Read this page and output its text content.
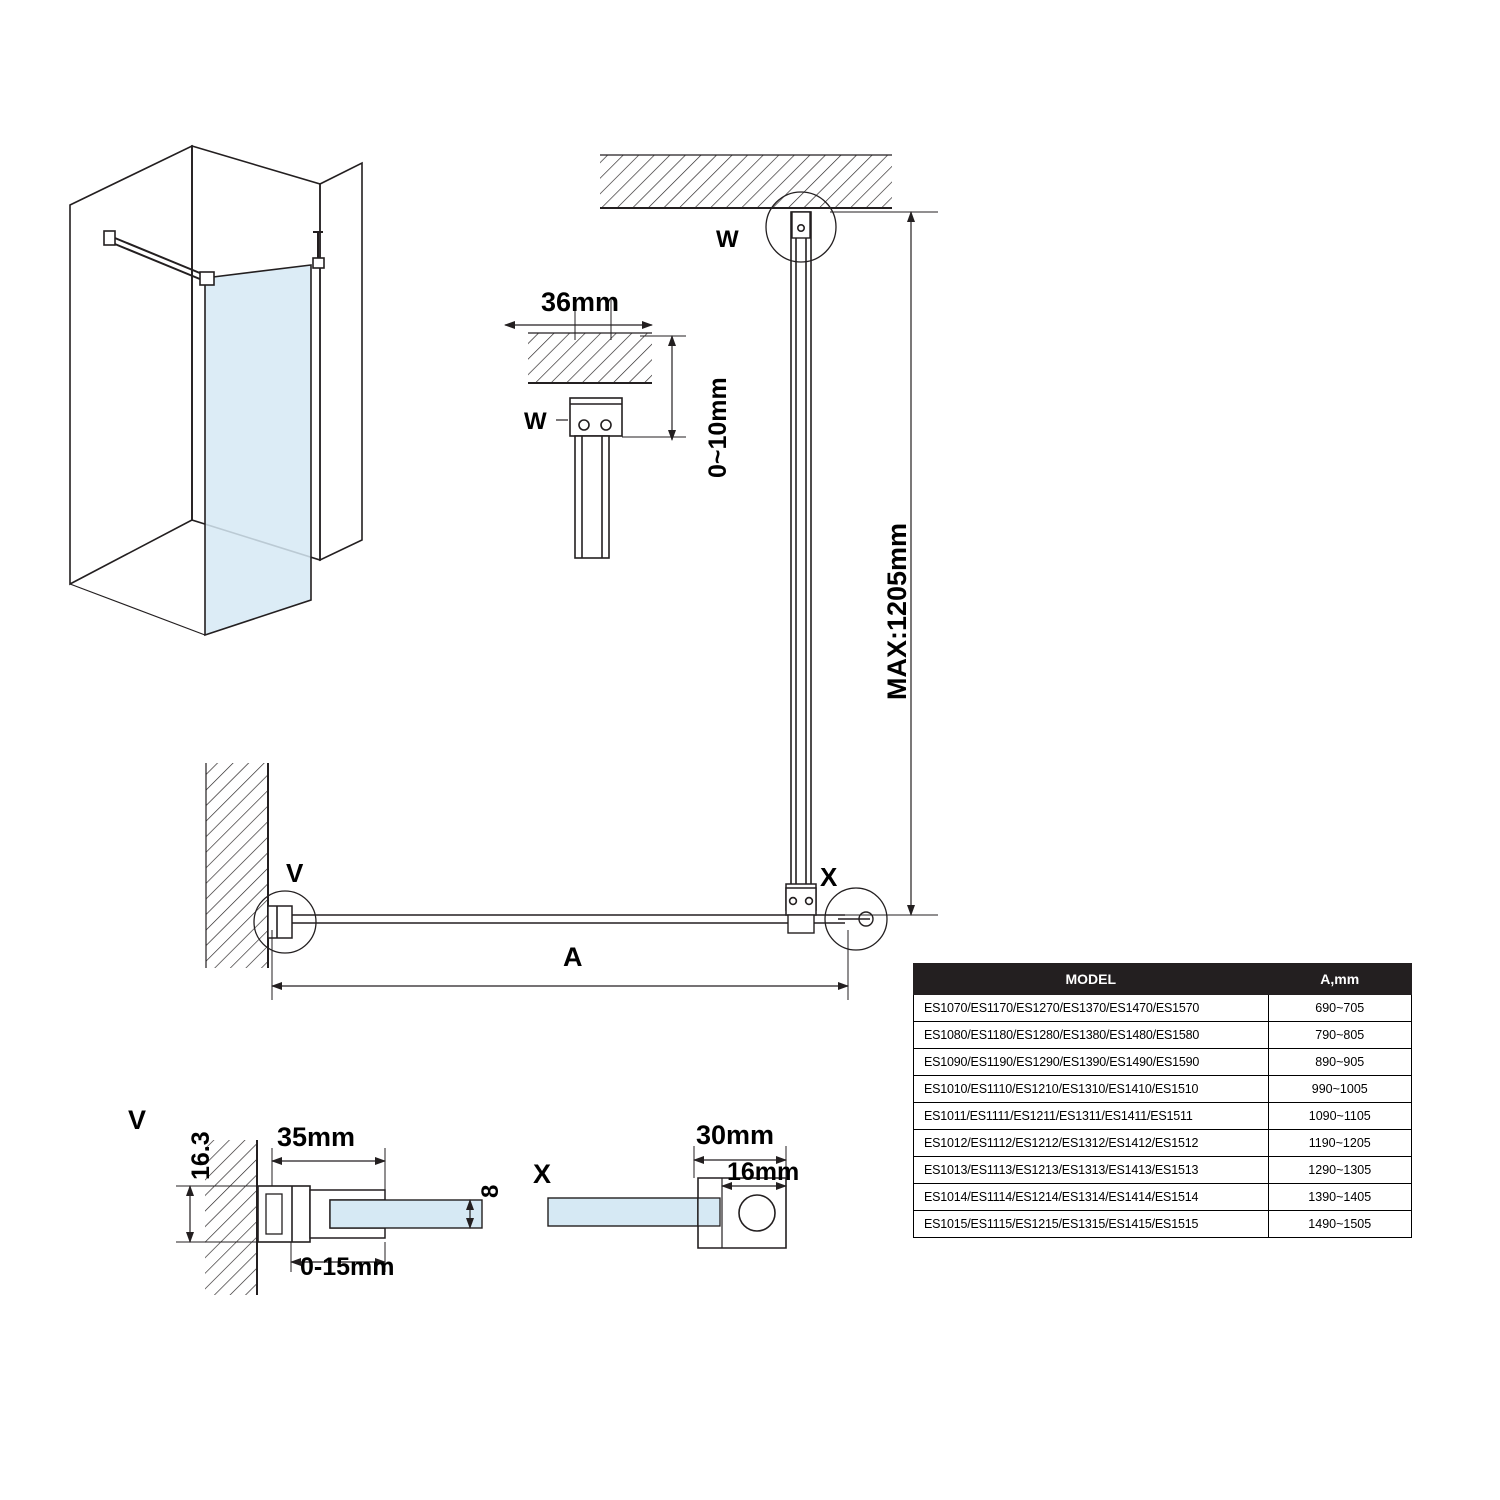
W
W
36mm
0~10mm
MAX:1205mm
V	X
A
V
16.3 35mm
0-15mm
8
X
30mm
16mm
MODEL	A,mm
ES1070/ES1170/ES1270/ES1370/ES1470/ES1570	690~705
ES1080/ES1180/ES1280/ES1380/ES1480/ES1580	790~805
ES1090/ES1190/ES1290/ES1390/ES1490/ES1590	890~905
ES1010/ES1110/ES1210/ES1310/ES1410/ES1510	990~1005
ES1011/ES1111/ES1211/ES1311/ES1411/ES1511	1090~1105
ES1012/ES1112/ES1212/ES1312/ES1412/ES1512	1190~1205
ES1013/ES1113/ES1213/ES1313/ES1413/ES1513	1290~1305
ES1014/ES1114/ES1214/ES1314/ES1414/ES1514	1390~1405
ES1015/ES1115/ES1215/ES1315/ES1415/ES1515	1490~1505
